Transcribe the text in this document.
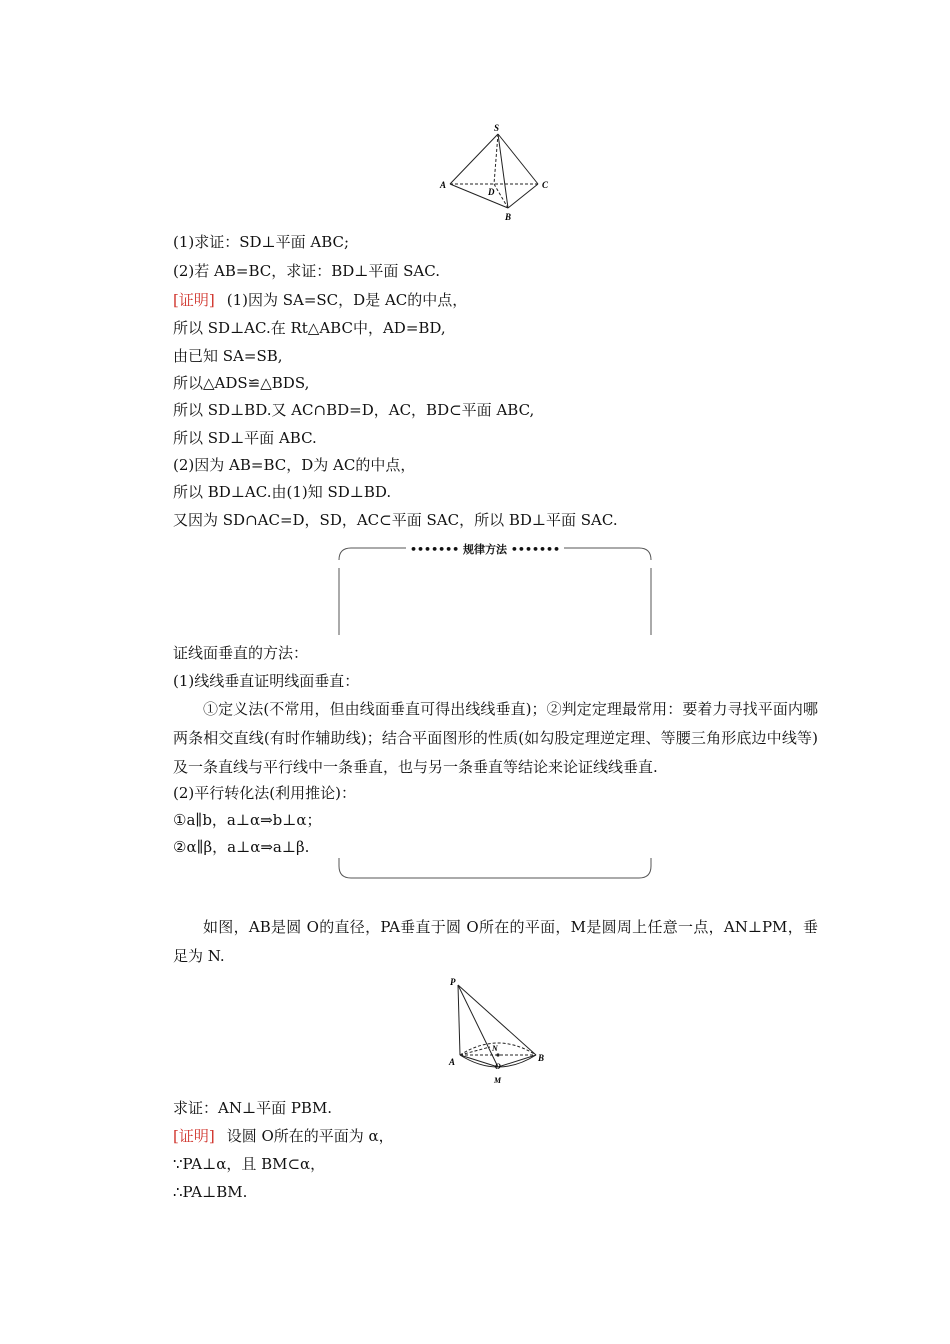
S
A	C
B
D
(1)求证：SD⊥平面 ABC;
(2)若 AB=BC，求证：BD⊥平面 SAC.
[证明] (1)因为 SA=SC，D是 AC的中点，
所以 SD⊥AC.在 Rt△ABC中，AD=BD,
由已知 SA=SB,
所以△ADS≌△BDS,
所以 SD⊥BD.又 AC∩BD=D，AC，BD⊂平面 ABC,
所以 SD⊥平面 ABC.
(2)因为 AB=BC，D为 AC的中点，
所以 BD⊥AC.由(1)知 SD⊥BD.
又因为 SD∩AC=D，SD，AC⊂平面 SAC，所以 BD⊥平面 SAC.
••••••• 规律方法 •••••••
证线面垂直的方法：
(1)线线垂直证明线面垂直：
①定义法(不常用，但由线面垂直可得出线线垂直)；②判定定理最常用：要着力寻找平面内哪两条相交直线(有时作辅助线)；结合平面图形的性质(如勾股定理逆定理、等腰三角形底边中线等)及一条直线与平行线中一条垂直，也与另一条垂直等结论来论证线线垂直.
(2)平行转化法(利用推论)：
①a∥b，a⊥α⇒b⊥α；
②α∥β，a⊥α⇒a⊥β.
如图，AB是圆 O的直径，PA垂直于圆 O所在的平面，M是圆周上任意一点，AN⊥PM，垂足为 N.
P
A	B
N
O
M
求证：AN⊥平面 PBM.
[证明] 设圆 O所在的平面为 α，
∵PA⊥α，且 BM⊂α，
∴PA⊥BM.
